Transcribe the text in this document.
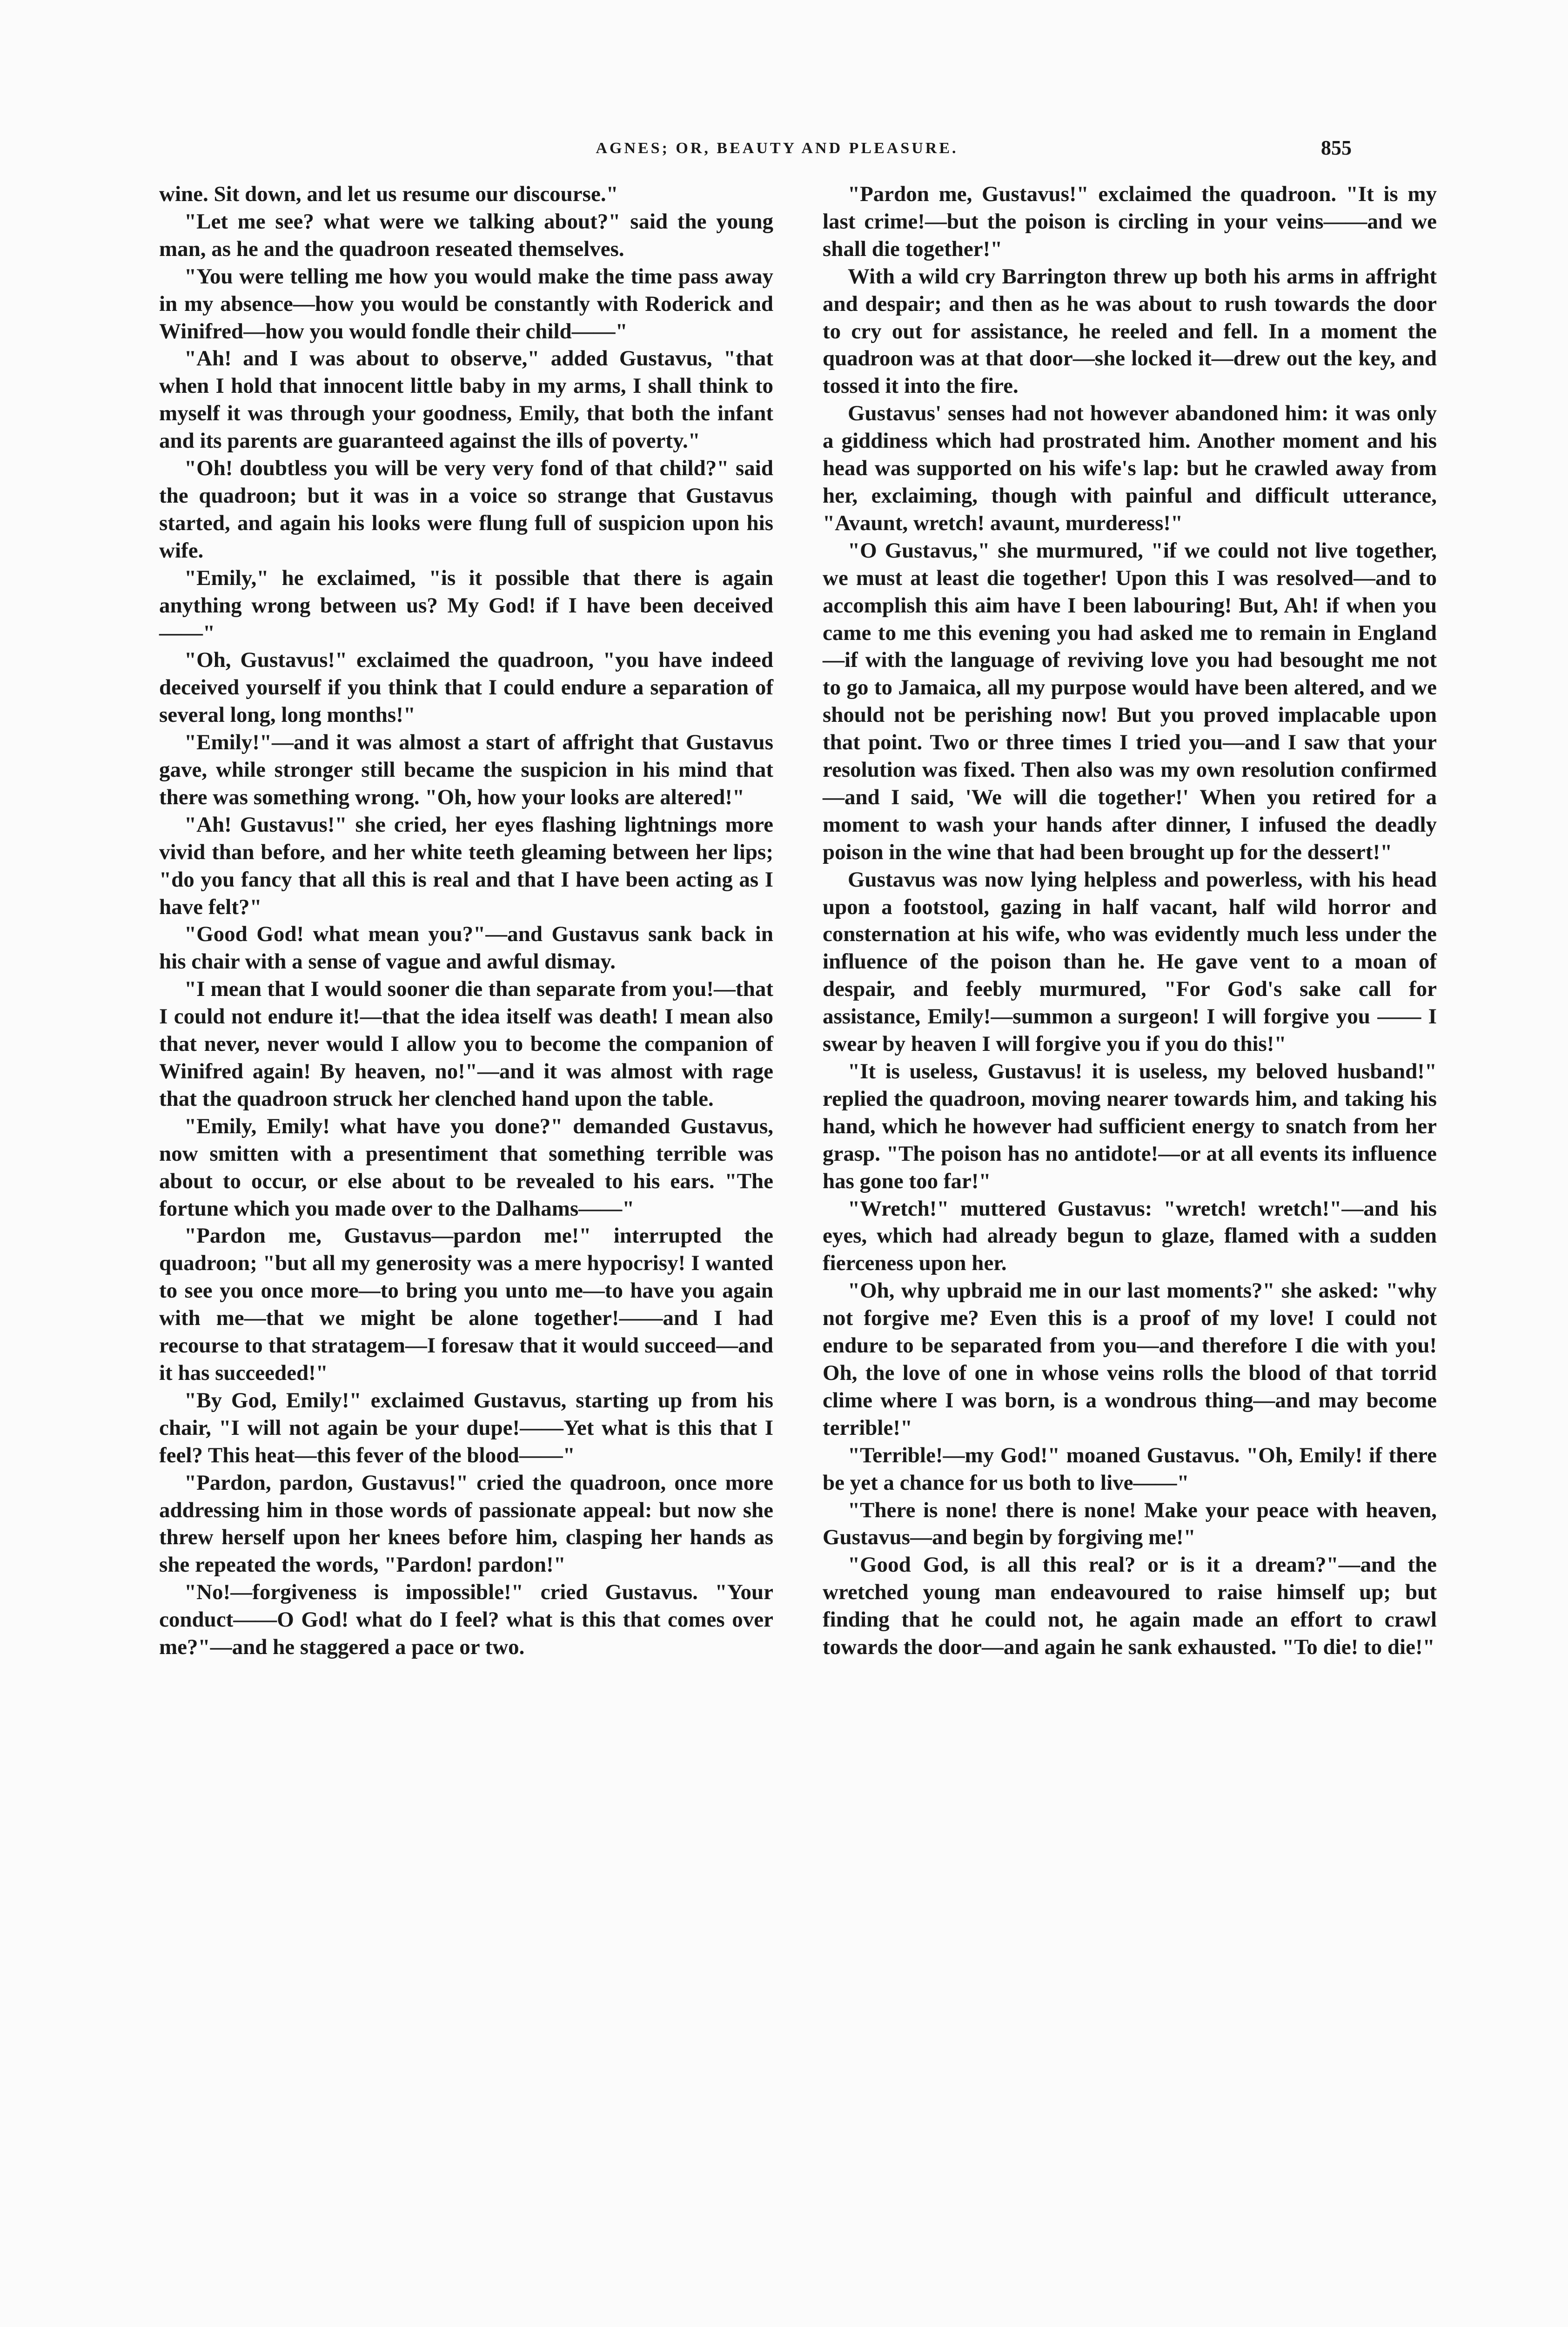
AGNES; OR, BEAUTY AND PLEASURE.	855

wine. Sit down, and let us resume our discourse."

"Let me see? what were we talking about?" said the young man, as he and the quadroon reseated themselves.

"You were telling me how you would make the time pass away in my absence—how you would be constantly with Roderick and Winifred—how you would fondle their child——"

"Ah! and I was about to observe," added Gustavus, "that when I hold that innocent little baby in my arms, I shall think to myself it was through your goodness, Emily, that both the infant and its parents are guaranteed against the ills of poverty."

"Oh! doubtless you will be very very fond of that child?" said the quadroon; but it was in a voice so strange that Gustavus started, and again his looks were flung full of suspicion upon his wife.

"Emily," he exclaimed, "is it possible that there is again anything wrong between us? My God! if I have been deceived——"

"Oh, Gustavus!" exclaimed the quadroon, "you have indeed deceived yourself if you think that I could endure a separation of several long, long months!"

"Emily!"—and it was almost a start of affright that Gustavus gave, while stronger still became the suspicion in his mind that there was something wrong. "Oh, how your looks are altered!"

"Ah! Gustavus!" she cried, her eyes flashing lightnings more vivid than before, and her white teeth gleaming between her lips; "do you fancy that all this is real and that I have been acting as I have felt?"

"Good God! what mean you?"—and Gustavus sank back in his chair with a sense of vague and awful dismay.

"I mean that I would sooner die than separate from you!—that I could not endure it!—that the idea itself was death! I mean also that never, never would I allow you to become the companion of Winifred again! By heaven, no!"—and it was almost with rage that the quadroon struck her clenched hand upon the table.

"Emily, Emily! what have you done?" demanded Gustavus, now smitten with a presentiment that something terrible was about to occur, or else about to be revealed to his ears. "The fortune which you made over to the Dalhams——"

"Pardon me, Gustavus—pardon me!" interrupted the quadroon; "but all my generosity was a mere hypocrisy! I wanted to see you once more—to bring you unto me—to have you again with me—that we might be alone together!——and I had recourse to that stratagem—I foresaw that it would succeed—and it has succeeded!"

"By God, Emily!" exclaimed Gustavus, starting up from his chair, "I will not again be your dupe!——Yet what is this that I feel? This heat—this fever of the blood——"

"Pardon, pardon, Gustavus!" cried the quadroon, once more addressing him in those words of passionate appeal: but now she threw herself upon her knees before him, clasping her hands as she repeated the words, "Pardon! pardon!"

"No!—forgiveness is impossible!" cried Gustavus. "Your conduct——O God! what do I feel? what is this that comes over me?"—and he staggered a pace or two.

"Pardon me, Gustavus!" exclaimed the quadroon. "It is my last crime!—but the poison is circling in your veins——and we shall die together!"

With a wild cry Barrington threw up both his arms in affright and despair; and then as he was about to rush towards the door to cry out for assistance, he reeled and fell. In a moment the quadroon was at that door—she locked it—drew out the key, and tossed it into the fire.

Gustavus' senses had not however abandoned him: it was only a giddiness which had prostrated him. Another moment and his head was supported on his wife's lap: but he crawled away from her, exclaiming, though with painful and difficult utterance, "Avaunt, wretch! avaunt, murderess!"

"O Gustavus," she murmured, "if we could not live together, we must at least die together! Upon this I was resolved—and to accomplish this aim have I been labouring! But, Ah! if when you came to me this evening you had asked me to remain in England—if with the language of reviving love you had besought me not to go to Jamaica, all my purpose would have been altered, and we should not be perishing now! But you proved implacable upon that point. Two or three times I tried you—and I saw that your resolution was fixed. Then also was my own resolution confirmed—and I said, 'We will die together!' When you retired for a moment to wash your hands after dinner, I infused the deadly poison in the wine that had been brought up for the dessert!"

Gustavus was now lying helpless and powerless, with his head upon a footstool, gazing in half vacant, half wild horror and consternation at his wife, who was evidently much less under the influence of the poison than he. He gave vent to a moan of despair, and feebly murmured, "For God's sake call for assistance, Emily!—summon a surgeon! I will forgive you —— I swear by heaven I will forgive you if you do this!"

"It is useless, Gustavus! it is useless, my beloved husband!" replied the quadroon, moving nearer towards him, and taking his hand, which he however had sufficient energy to snatch from her grasp. "The poison has no antidote!—or at all events its influence has gone too far!"

"Wretch!" muttered Gustavus: "wretch! wretch!"—and his eyes, which had already begun to glaze, flamed with a sudden fierceness upon her.

"Oh, why upbraid me in our last moments?" she asked: "why not forgive me? Even this is a proof of my love! I could not endure to be separated from you—and therefore I die with you! Oh, the love of one in whose veins rolls the blood of that torrid clime where I was born, is a wondrous thing—and may become terrible!"

"Terrible!—my God!" moaned Gustavus. "Oh, Emily! if there be yet a chance for us both to live——"

"There is none! there is none! Make your peace with heaven, Gustavus—and begin by forgiving me!"

"Good God, is all this real? or is it a dream?"—and the wretched young man endeavoured to raise himself up; but finding that he could not, he again made an effort to crawl towards the door—and again he sank exhausted. "To die! to die!"
